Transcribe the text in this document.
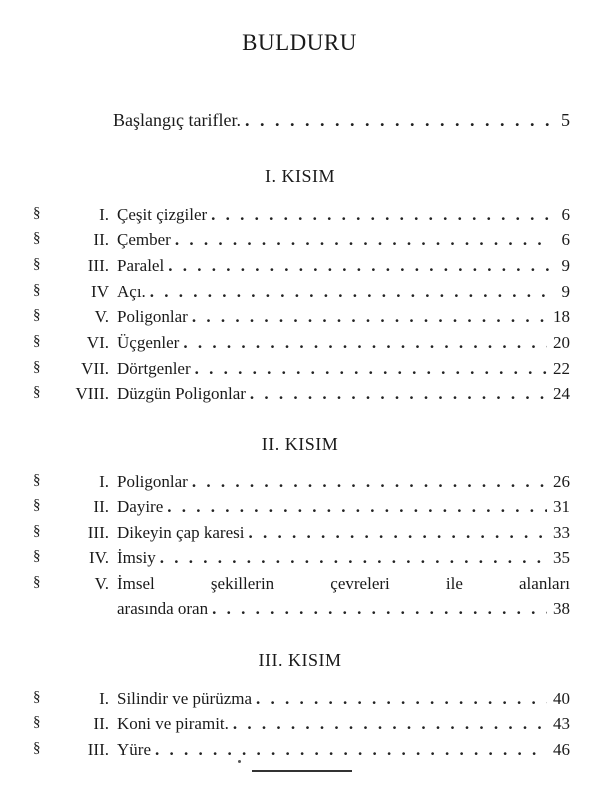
BULDURU
Başlangıç tarifler. . . .	5
I. KISIM
§	I. Çeşit çizgiler . . .	6
§	II. Çember . . .	6
§	III. Paralel . . .	9
§	IV Açı. . . .	9
§	V. Poligonlar . . .	18
§	VI. Üçgenler . . .	20
§	VII. Dörtgenler . . .	22
§	VIII. Düzgün Poligonlar . . .	24
II. KISIM
§	I. Poligonlar . . .	26
§	II. Dayire . . .	31
§	III. Dikeyin çap karesi . . .	33
§	IV. İmsiy . . .	35
§	V. İmsel	şekillerin	çevreleri	ile	alanları
arasında oran . . .	38
III. KISIM
§	I. Silindir ve pürüzma . . .	40
§	II. Koni ve piramit. . . .	43
§	III. Yüre . . .	46
